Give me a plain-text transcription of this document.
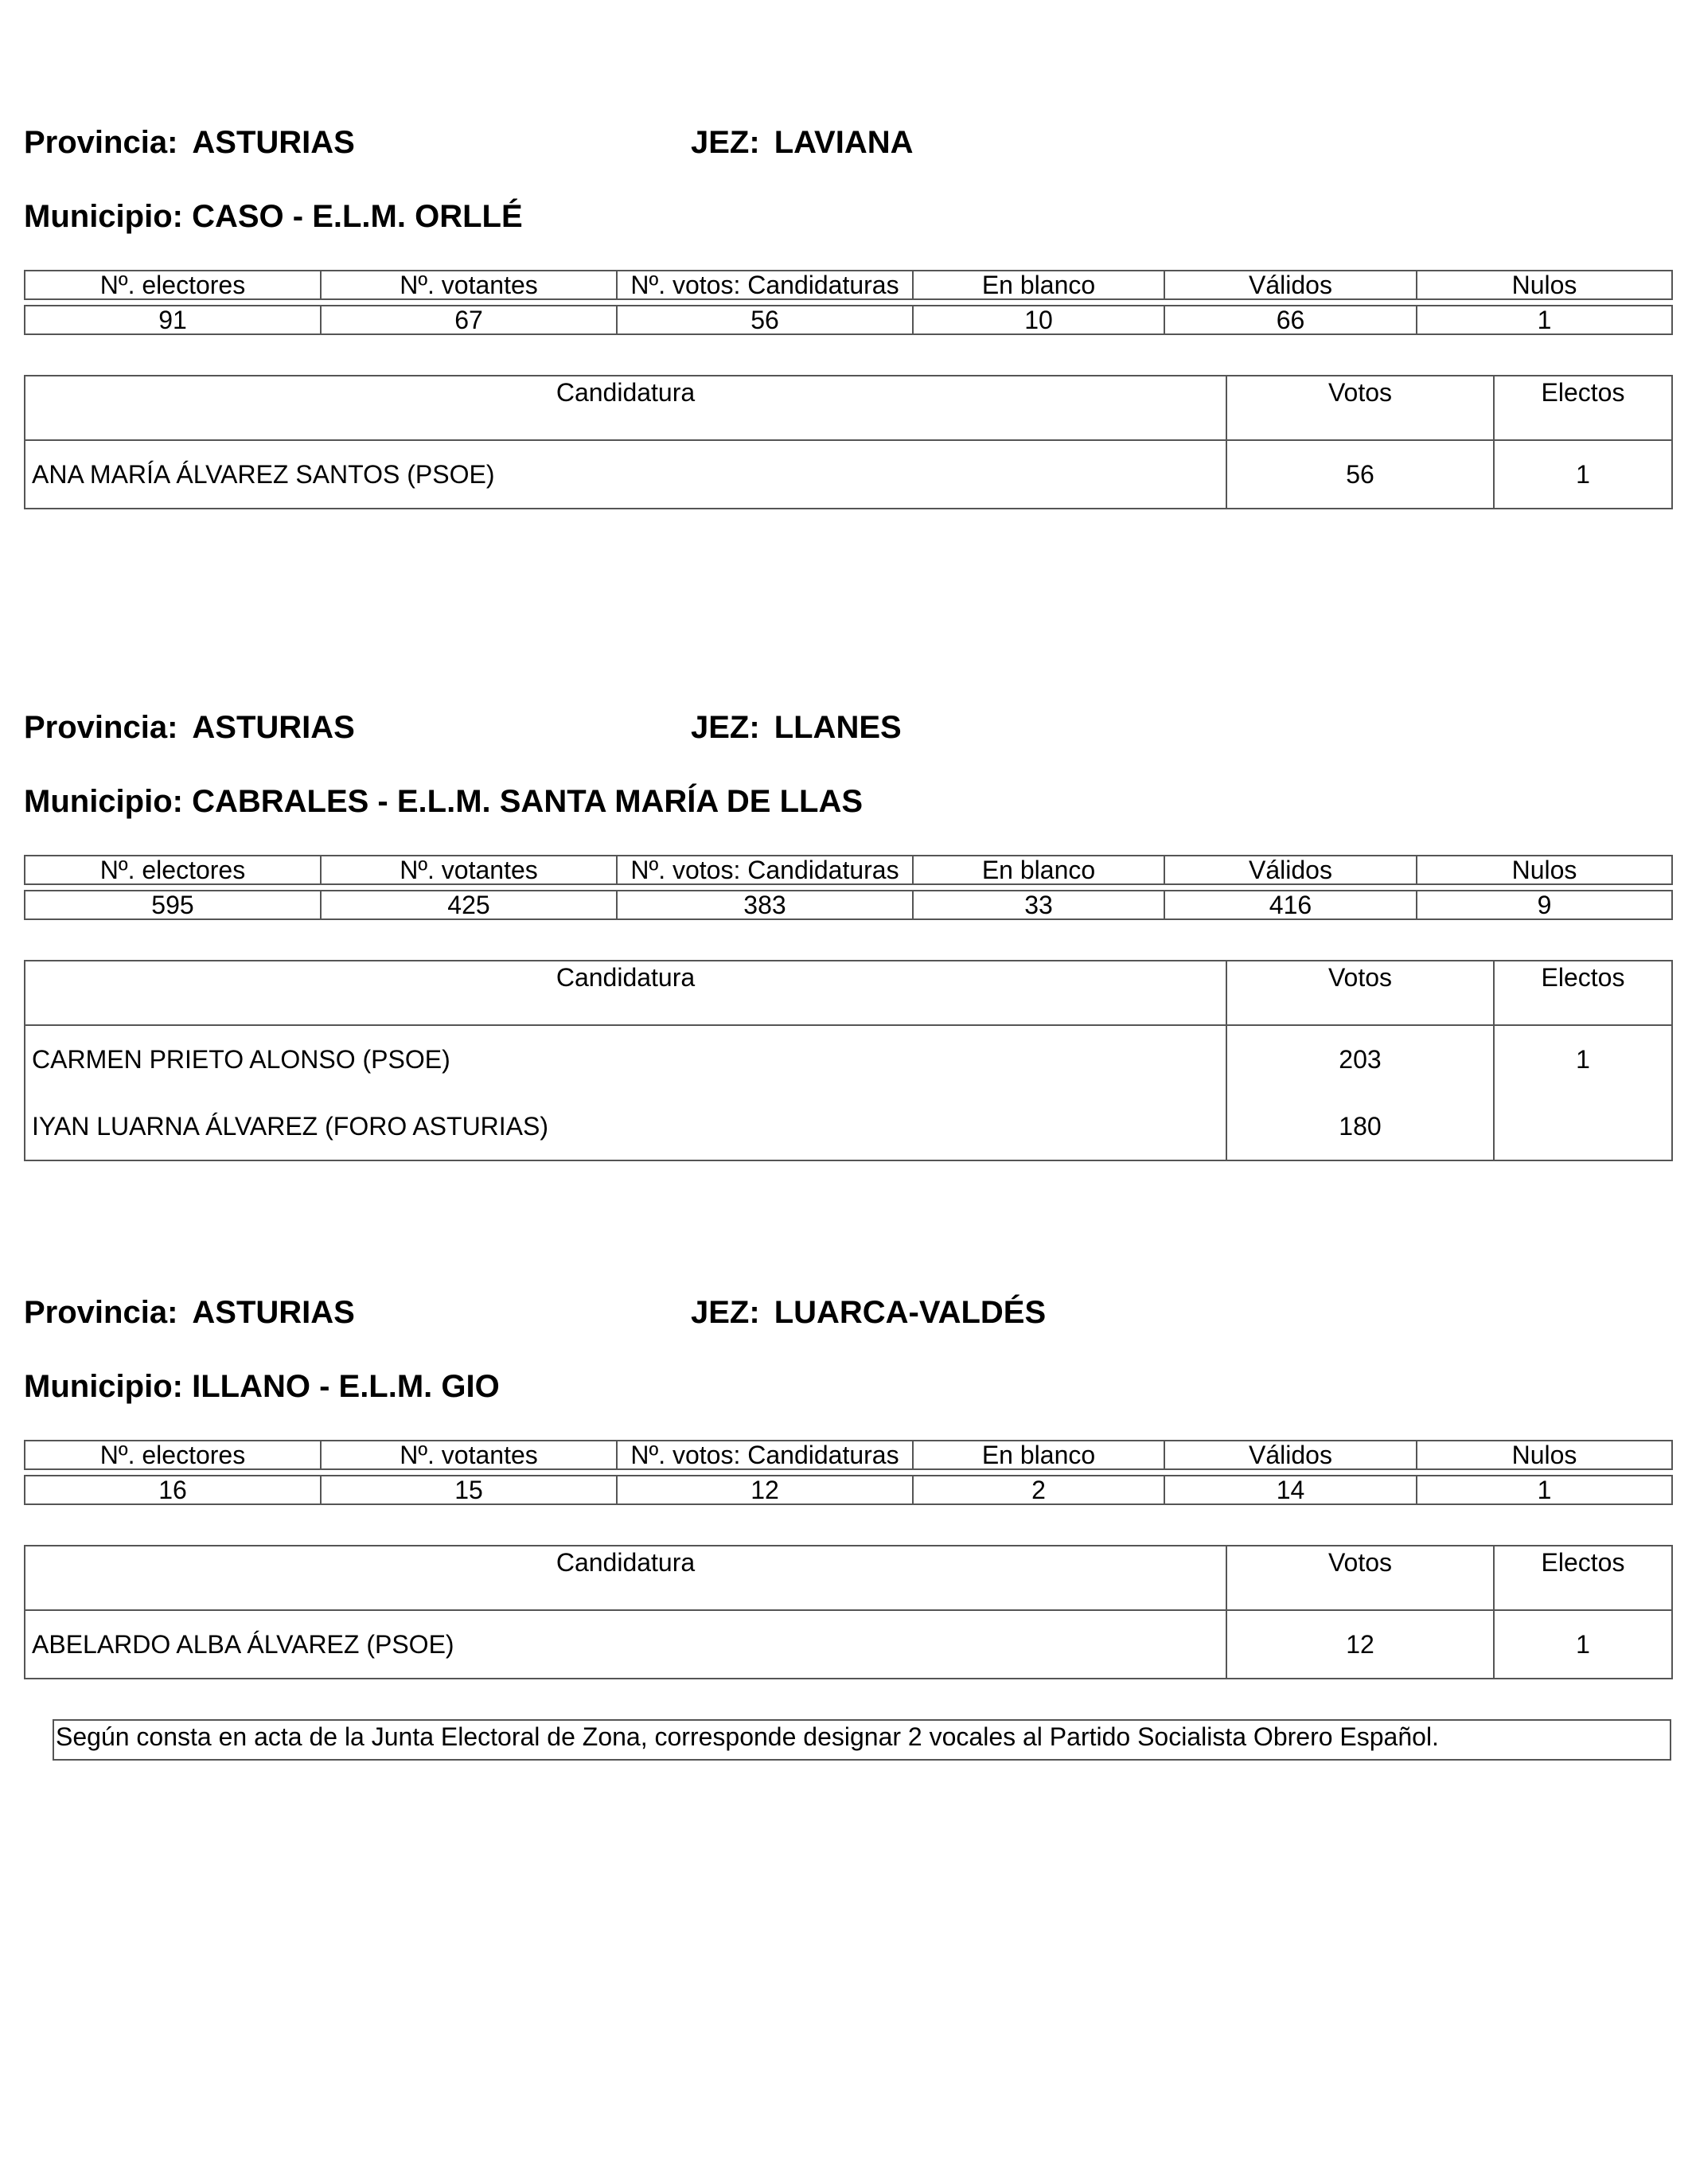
Provincia: ASTURIAS	JEZ: LAVIANA
Municipio: CASO - E.L.M. ORLLÉ
Nº. electores	Nº. votantes	Nº. votos: Candidaturas	En blanco	Válidos	Nulos

91	67	56	10	66	1
Candidatura	Votos	Electos
ANA MARÍA ÁLVAREZ SANTOS (PSOE)	56	1
Provincia: ASTURIAS	JEZ: LLANES
Municipio: CABRALES - E.L.M. SANTA MARÍA DE LLAS
Nº. electores	Nº. votantes	Nº. votos: Candidaturas	En blanco	Válidos	Nulos

595	425	383	33	416	9
Candidatura	Votos	Electos
CARMEN PRIETO ALONSO (PSOE)	203	1
IYAN LUARNA ÁLVAREZ (FORO ASTURIAS)	180	
Provincia: ASTURIAS	JEZ: LUARCA-VALDÉS
Municipio: ILLANO - E.L.M. GIO
Nº. electores	Nº. votantes	Nº. votos: Candidaturas	En blanco	Válidos	Nulos

16	15	12	2	14	1
Candidatura	Votos	Electos
ABELARDO ALBA ÁLVAREZ (PSOE)	12	1
Según consta en acta de la Junta Electoral de Zona, corresponde designar 2 vocales al Partido Socialista Obrero Español.
